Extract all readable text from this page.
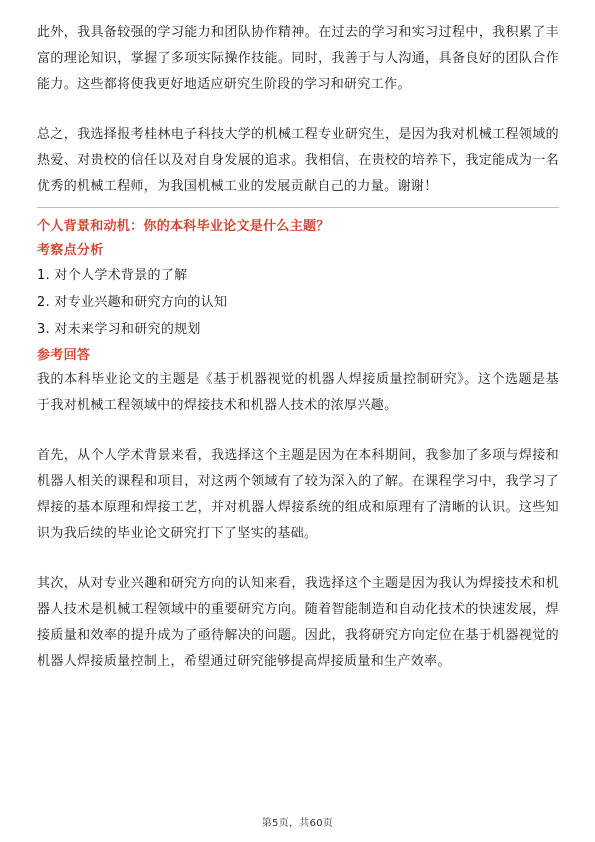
此外，我具备较强的学习能力和团队协作精神。在过去的学习和实习过程中，我积累了丰富的理论知识，掌握了多项实际操作技能。同时，我善于与人沟通，具备良好的团队合作能力。这些都将使我更好地适应研究生阶段的学习和研究工作。

总之，我选择报考桂林电子科技大学的机械工程专业研究生，是因为我对机械工程领域的热爱、对贵校的信任以及对自身发展的追求。我相信，在贵校的培养下，我定能成为一名优秀的机械工程师，为我国机械工业的发展贡献自己的力量。谢谢！

个人背景和动机：你的本科毕业论文是什么主题？

考察点分析

1. 对个人学术背景的了解
2. 对专业兴趣和研究方向的认知
3. 对未来学习和研究的规划

参考回答

我的本科毕业论文的主题是《基于机器视觉的机器人焊接质量控制研究》。这个选题是基于我对机械工程领域中的焊接技术和机器人技术的浓厚兴趣。

首先，从个人学术背景来看，我选择这个主题是因为在本科期间，我参加了多项与焊接和机器人相关的课程和项目，对这两个领域有了较为深入的了解。在课程学习中，我学习了焊接的基本原理和焊接工艺，并对机器人焊接系统的组成和原理有了清晰的认识。这些知识为我后续的毕业论文研究打下了坚实的基础。

其次，从对专业兴趣和研究方向的认知来看，我选择这个主题是因为我认为焊接技术和机器人技术是机械工程领域中的重要研究方向。随着智能制造和自动化技术的快速发展，焊接质量和效率的提升成为了亟待解决的问题。因此，我将研究方向定位在基于机器视觉的机器人焊接质量控制上，希望通过研究能够提高焊接质量和生产效率。

第5页，共60页
